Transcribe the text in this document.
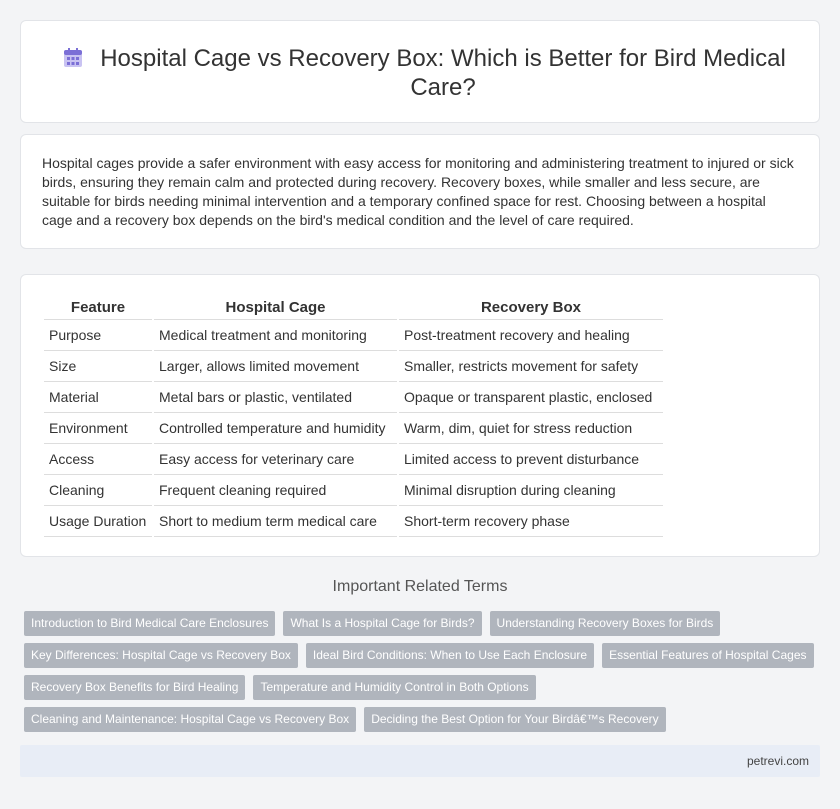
Hospital Cage vs Recovery Box: Which is Better for Bird Medical Care?

Hospital cages provide a safer environment with easy access for monitoring and administering treatment to injured or sick birds, ensuring they remain calm and protected during recovery. Recovery boxes, while smaller and less secure, are suitable for birds needing minimal intervention and a temporary confined space for rest. Choosing between a hospital cage and a recovery box depends on the bird's medical condition and the level of care required.

Feature	Hospital Cage	Recovery Box
Purpose	Medical treatment and monitoring	Post-treatment recovery and healing
Size	Larger, allows limited movement	Smaller, restricts movement for safety
Material	Metal bars or plastic, ventilated	Opaque or transparent plastic, enclosed
Environment	Controlled temperature and humidity	Warm, dim, quiet for stress reduction
Access	Easy access for veterinary care	Limited access to prevent disturbance
Cleaning	Frequent cleaning required	Minimal disruption during cleaning
Usage Duration	Short to medium term medical care	Short-term recovery phase
Important Related Terms
Introduction to Bird Medical Care Enclosures	What Is a Hospital Cage for Birds?	Understanding Recovery Boxes for Birds
Key Differences: Hospital Cage vs Recovery Box	Ideal Bird Conditions: When to Use Each Enclosure	Essential Features of Hospital Cages
Recovery Box Benefits for Bird Healing	Temperature and Humidity Control in Both Options
Cleaning and Maintenance: Hospital Cage vs Recovery Box	Deciding the Best Option for Your Birdâ€™s Recovery
petrevi.com
